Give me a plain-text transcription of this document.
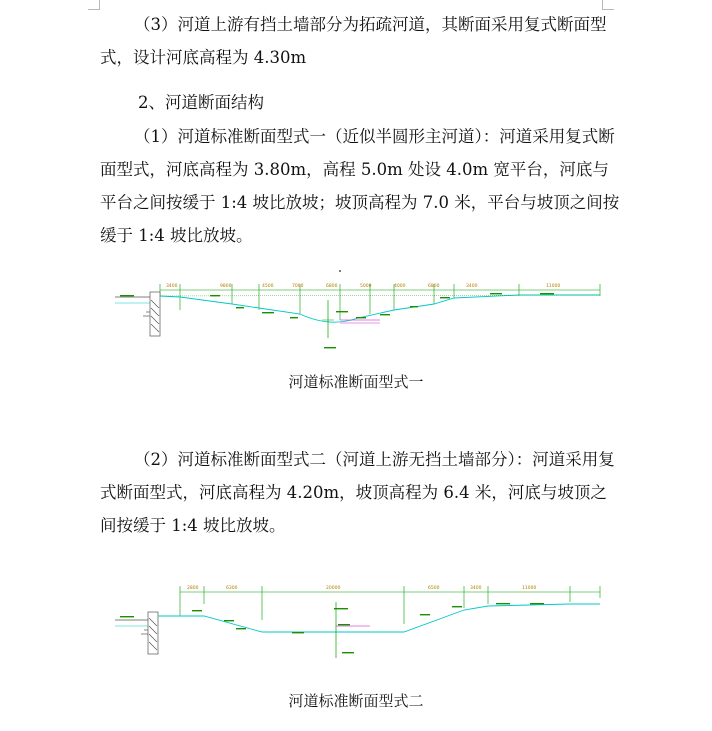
（3）河道上游有挡土墙部分为拓疏河道，其断面采用复式断面型式，设计河底高程为 4.30m

2、河道断面结构

（1）河道标准断面型式一（近似半圆形主河道）：河道采用复式断面型式，河底高程为 3.80m，高程 5.0m 处设 4.0m 宽平台，河底与平台之间按缓于 1:4 坡比放坡；坡顶高程为 7.0 米，平台与坡顶之间按缓于 1:4 坡比放坡。

3400	9800	4500	7000	6800	5000	4000	6800	3400	11000
河道标准断面型式一

（2）河道标准断面型式二（河道上游无挡土墙部分）：河道采用复式断面型式，河底高程为 4.20m，坡顶高程为 6.4 米，河底与坡顶之间按缓于 1:4 坡比放坡。

2800	6300	20000	6500	3400	11000
河道标准断面型式二
